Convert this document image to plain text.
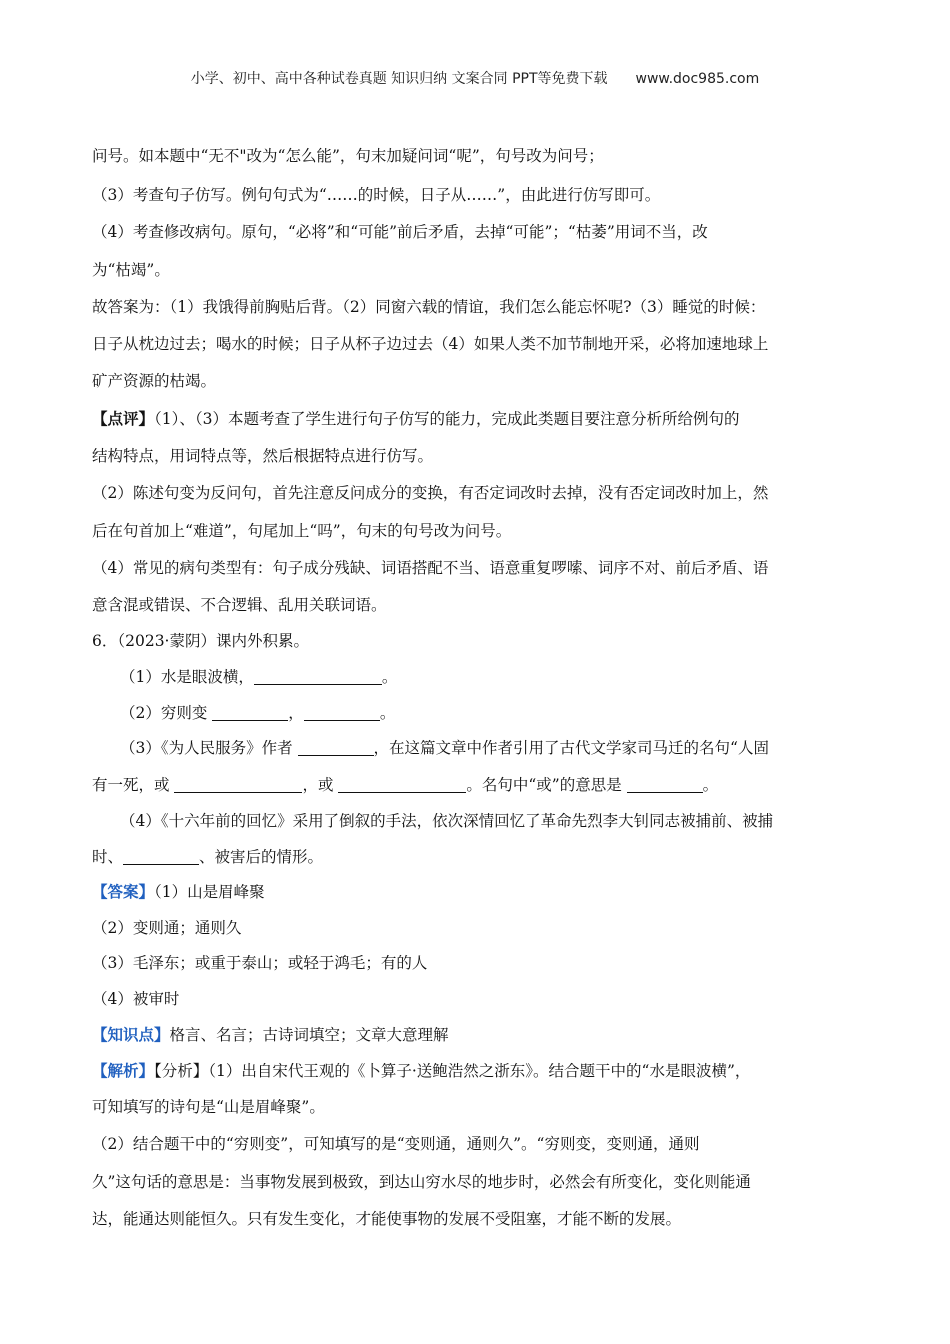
小学、初中、高中各种试卷真题 知识归纳 文案合同 PPT等免费下载 www.doc985.com
问号。如本题中“无不"改为“怎么能”，句末加疑问词“呢”，句号改为问号；
（3）考查句子仿写。例句句式为“……的时候，日子从……”，由此进行仿写即可。
（4）考查修改病句。原句，“必将”和“可能”前后矛盾，去掉“可能”；“枯萎”用词不当，改
为“枯竭”。
故答案为：（1）我饿得前胸贴后背。（2）同窗六载的情谊，我们怎么能忘怀呢?（3）睡觉的时候：
日子从枕边过去；喝水的时候；日子从杯子边过去（4）如果人类不加节制地开采，必将加速地球上
矿产资源的枯竭。
【点评】（1）、（3）本题考查了学生进行句子仿写的能力，完成此类题目要注意分析所给例句的
结构特点，用词特点等，然后根据特点进行仿写。
（2）陈述句变为反问句，首先注意反问成分的变换，有否定词改时去掉，没有否定词改时加上，然
后在句首加上“难道”，句尾加上“吗”，句末的句号改为问号。
（4）常见的病句类型有：句子成分残缺、词语搭配不当、语意重复啰嗦、词序不对、前后矛盾、语
意含混或错误、不合逻辑、乱用关联词语。
6．（2023·蒙阴）课内外积累。
（1）水是眼波横，	。
（2）穷则变	，	。
（3）《为人民服务》作者	，在这篇文章中作者引用了古代文学家司马迁的名句“人固
有一死，或	，或	。名句中“或”的意思是	。
（4）《十六年前的回忆》采用了倒叙的手法，依次深情回忆了革命先烈李大钊同志被捕前、被捕
时、	、被害后的情形。
【答案】（1）山是眉峰聚
（2）变则通；通则久
（3）毛泽东；或重于泰山；或轻于鸿毛；有的人
（4）被审时
【知识点】格言、名言；古诗词填空；文章大意理解
【解析】【分析】（1）出自宋代王观的《卜算子·送鲍浩然之浙东》。结合题干中的“水是眼波横”，
可知填写的诗句是“山是眉峰聚”。
（2）结合题干中的“穷则变”，可知填写的是“变则通，通则久”。“穷则变，变则通，通则
久”这句话的意思是：当事物发展到极致，到达山穷水尽的地步时，必然会有所变化，变化则能通
达，能通达则能恒久。只有发生变化，才能使事物的发展不受阻塞，才能不断的发展。
